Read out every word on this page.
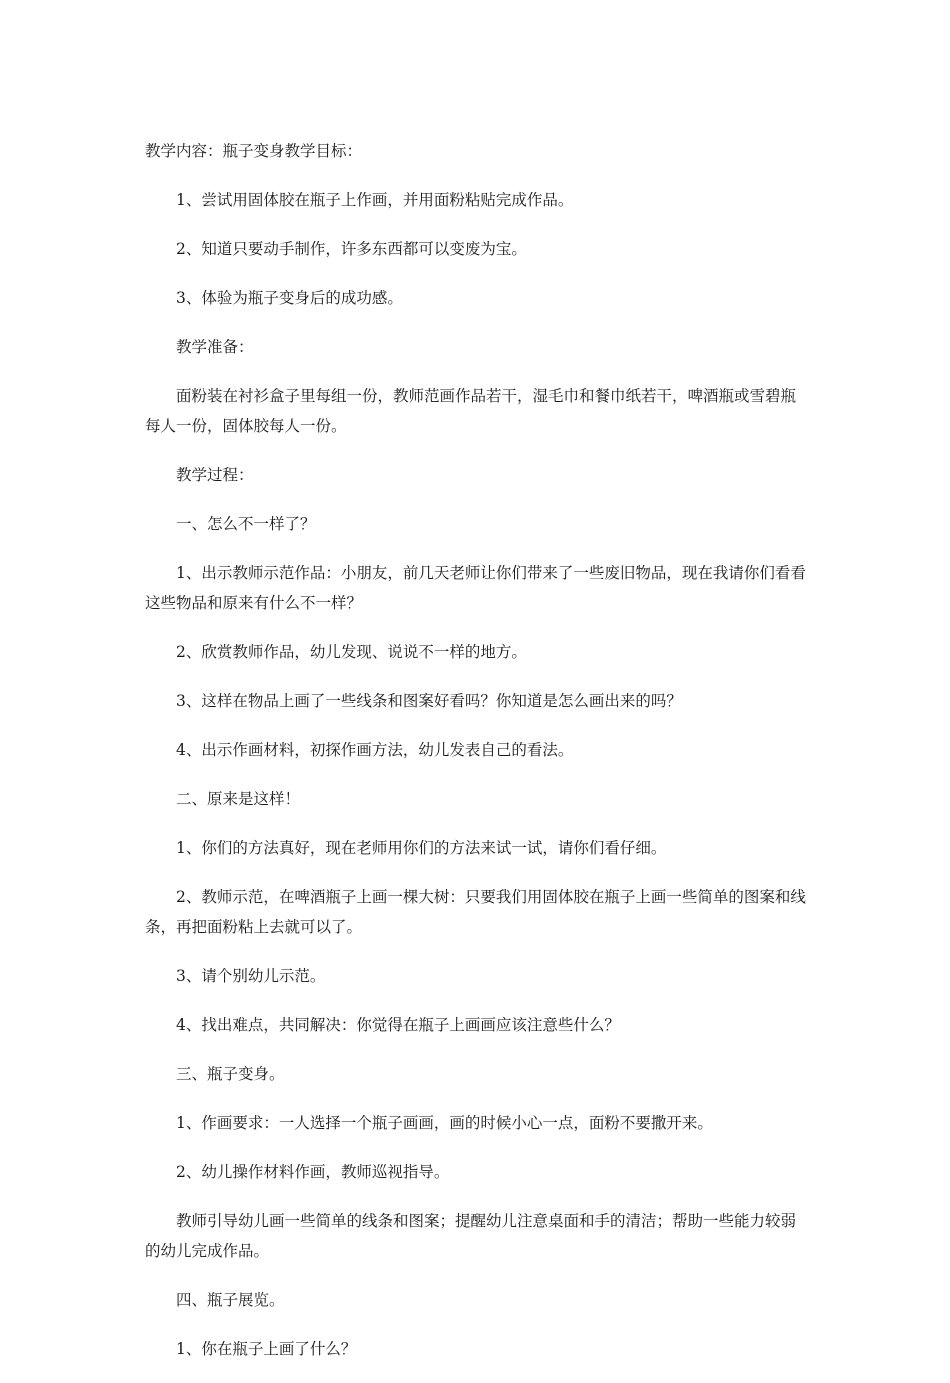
教学内容：瓶子变身教学目标：

1、尝试用固体胶在瓶子上作画，并用面粉粘贴完成作品。

2、知道只要动手制作，许多东西都可以变废为宝。

3、体验为瓶子变身后的成功感。

教学准备：

面粉装在衬衫盒子里每组一份，教师范画作品若干，湿毛巾和餐巾纸若干，啤酒瓶或雪碧瓶每人一份，固体胶每人一份。

教学过程：

一、怎么不一样了？

1、出示教师示范作品：小朋友，前几天老师让你们带来了一些废旧物品，现在我请你们看看这些物品和原来有什么不一样？

2、欣赏教师作品，幼儿发现、说说不一样的地方。

3、这样在物品上画了一些线条和图案好看吗？你知道是怎么画出来的吗？

4、出示作画材料，初探作画方法，幼儿发表自己的看法。

二、原来是这样！

1、你们的方法真好，现在老师用你们的方法来试一试，请你们看仔细。

2、教师示范，在啤酒瓶子上画一棵大树：只要我们用固体胶在瓶子上画一些简单的图案和线条，再把面粉粘上去就可以了。

3、请个别幼儿示范。

4、找出难点，共同解决：你觉得在瓶子上画画应该注意些什么？

三、瓶子变身。

1、作画要求：一人选择一个瓶子画画，画的时候小心一点，面粉不要撒开来。

2、幼儿操作材料作画，教师巡视指导。

教师引导幼儿画一些简单的线条和图案；提醒幼儿注意桌面和手的清洁；帮助一些能力较弱的幼儿完成作品。

四、瓶子展览。

1、你在瓶子上画了什么？
